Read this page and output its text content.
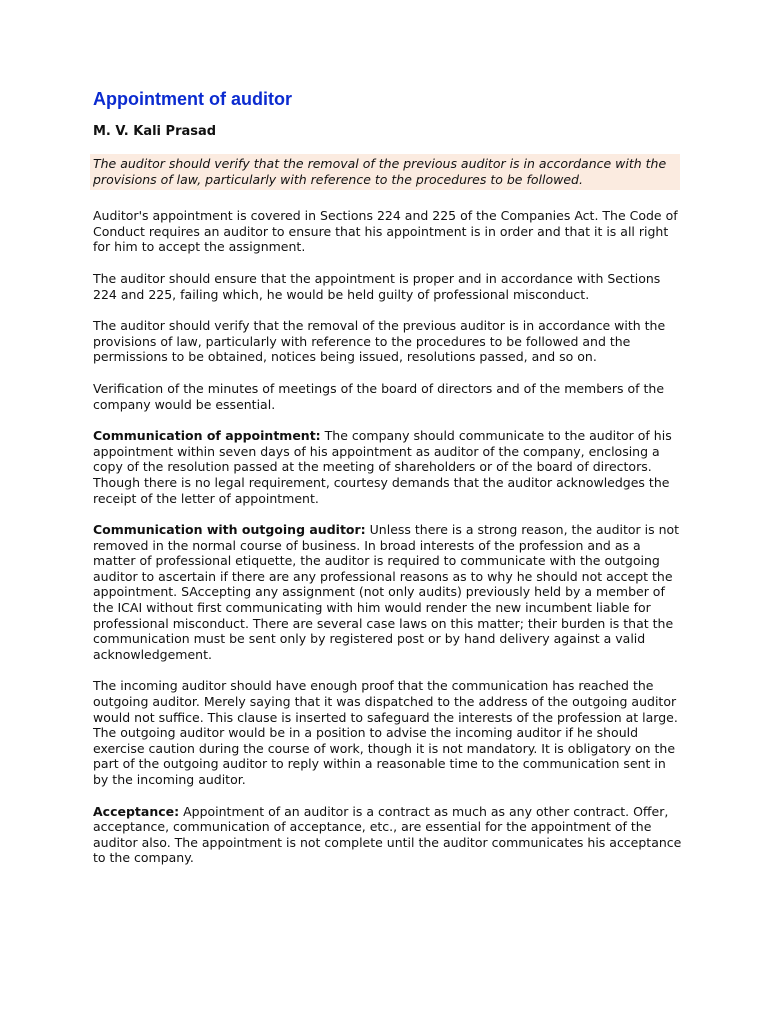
Appointment of auditor
M. V. Kali Prasad
The auditor should verify that the removal of the previous auditor is in accordance with the provisions of law, particularly with reference to the procedures to be followed.

Auditor's appointment is covered in Sections 224 and 225 of the Companies Act. The Code of Conduct requires an auditor to ensure that his appointment is in order and that it is all right for him to accept the assignment.

The auditor should ensure that the appointment is proper and in accordance with Sections 224 and 225, failing which, he would be held guilty of professional misconduct.

The auditor should verify that the removal of the previous auditor is in accordance with the provisions of law, particularly with reference to the procedures to be followed and the permissions to be obtained, notices being issued, resolutions passed, and so on.

Verification of the minutes of meetings of the board of directors and of the members of the company would be essential.

Communication of appointment: The company should communicate to the auditor of his appointment within seven days of his appointment as auditor of the company, enclosing a copy of the resolution passed at the meeting of shareholders or of the board of directors. Though there is no legal requirement, courtesy demands that the auditor acknowledges the receipt of the letter of appointment.

Communication with outgoing auditor: Unless there is a strong reason, the auditor is not removed in the normal course of business. In broad interests of the profession and as a matter of professional etiquette, the auditor is required to communicate with the outgoing auditor to ascertain if there are any professional reasons as to why he should not accept the appointment. SAccepting any assignment (not only audits) previously held by a member of the ICAI without first communicating with him would render the new incumbent liable for professional misconduct. There are several case laws on this matter; their burden is that the communication must be sent only by registered post or by hand delivery against a valid acknowledgement.

The incoming auditor should have enough proof that the communication has reached the outgoing auditor. Merely saying that it was dispatched to the address of the outgoing auditor would not suffice. This clause is inserted to safeguard the interests of the profession at large. The outgoing auditor would be in a position to advise the incoming auditor if he should exercise caution during the course of work, though it is not mandatory. It is obligatory on the part of the outgoing auditor to reply within a reasonable time to the communication sent in by the incoming auditor.

Acceptance: Appointment of an auditor is a contract as much as any other contract. Offer, acceptance, communication of acceptance, etc., are essential for the appointment of the auditor also. The appointment is not complete until the auditor communicates his acceptance to the company.
